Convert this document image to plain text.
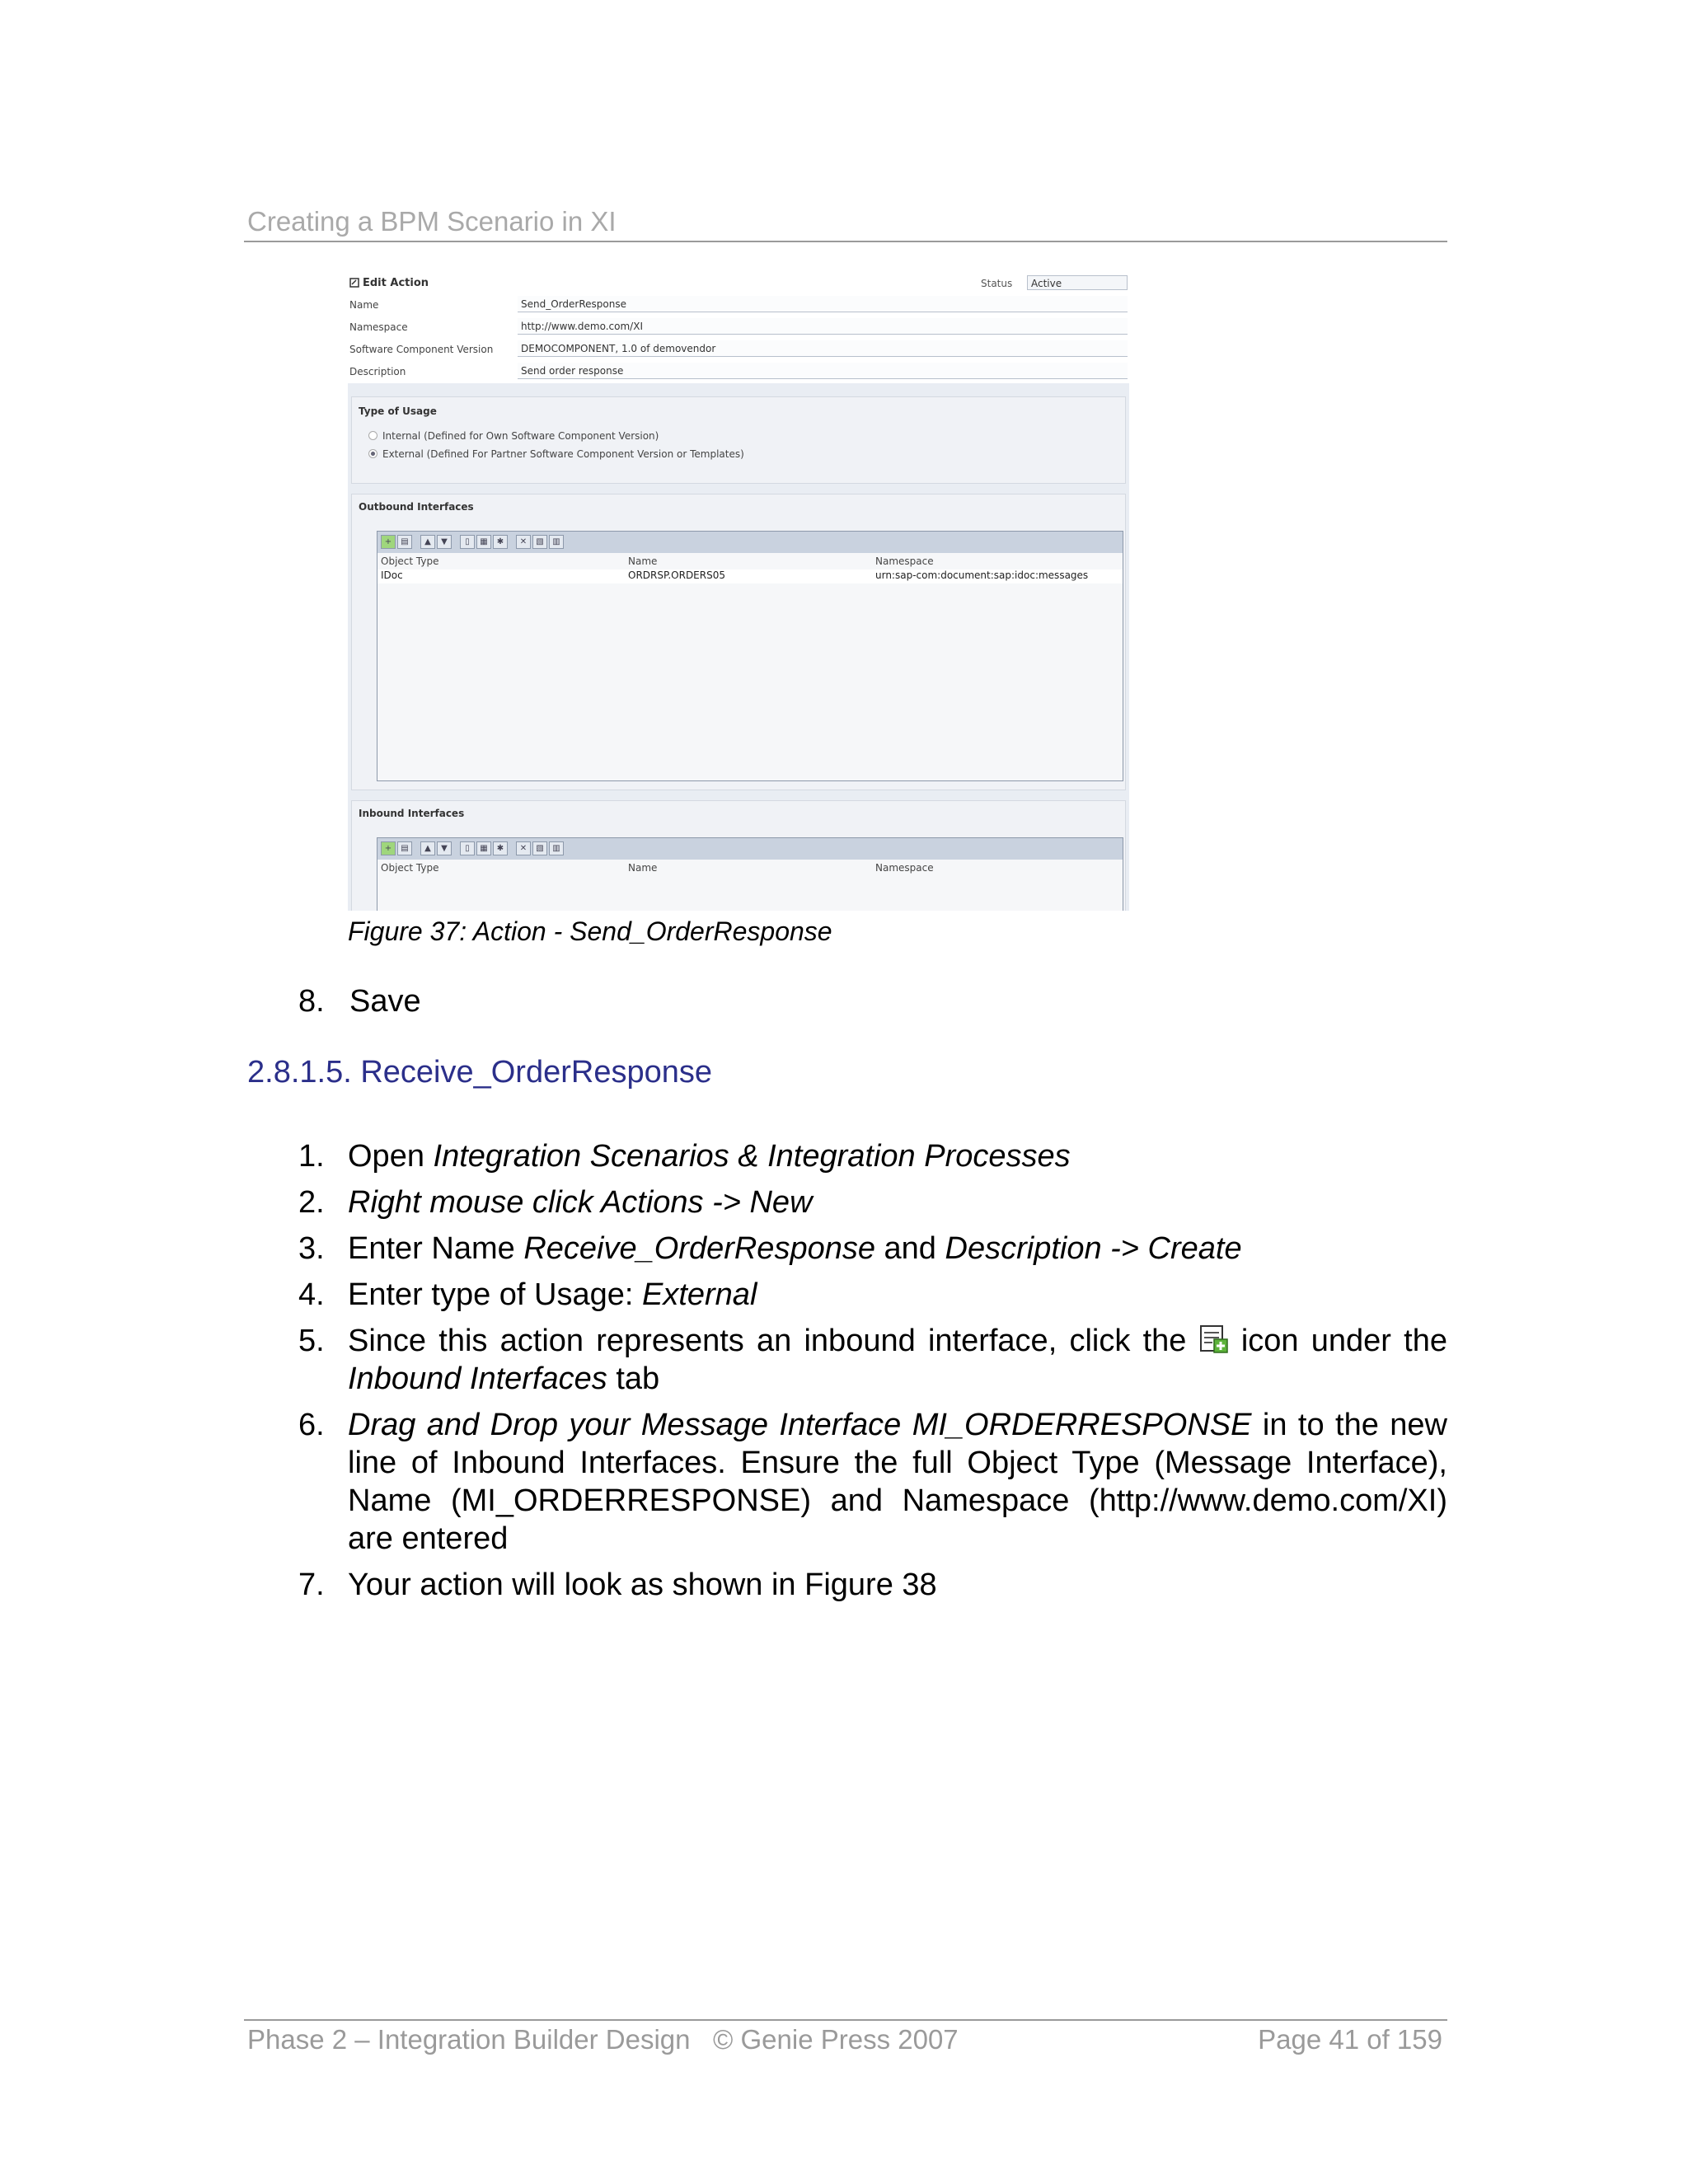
Creating a BPM Scenario in XI
Edit Action	Status	Active
Name	Send_OrderResponse
Namespace	http://www.demo.com/XI
Software Component Version	DEMOCOMPONENT, 1.0 of demovendor
Description	Send order response
Type of Usage
Internal (Defined for Own Software Component Version)
External (Defined For Partner Software Component Version or Templates)
Outbound Interfaces
+	▤	▲	▼	▯	▦	✱	✕	▧	▥
Object Type	Name	Namespace
IDoc	ORDRSP.ORDERS05	urn:sap-com:document:sap:idoc:messages
Inbound Interfaces
+	▤	▲	▼	▯	▦	✱	✕	▧	▥
Object Type	Name	Namespace
Figure 37: Action - Send_OrderResponse
8. Save
2.8.1.5. Receive_OrderResponse
1. Open Integration Scenarios & Integration Processes
2. Right mouse click Actions -> New
3. Enter Name Receive_OrderResponse and Description -> Create
4. Enter type of Usage: External
5. Since this action represents an inbound interface, click the  icon under the Inbound Interfaces tab
6. Drag and Drop your Message Interface MI_ORDERRESPONSE in to the new line of Inbound Interfaces. Ensure the full Object Type (Message Interface), Name (MI_ORDERRESPONSE) and Namespace (http://www.demo.com/XI) are entered
7. Your action will look as shown in Figure 38
Phase 2 – Integration Builder Design   © Genie Press 2007	Page 41 of 159
